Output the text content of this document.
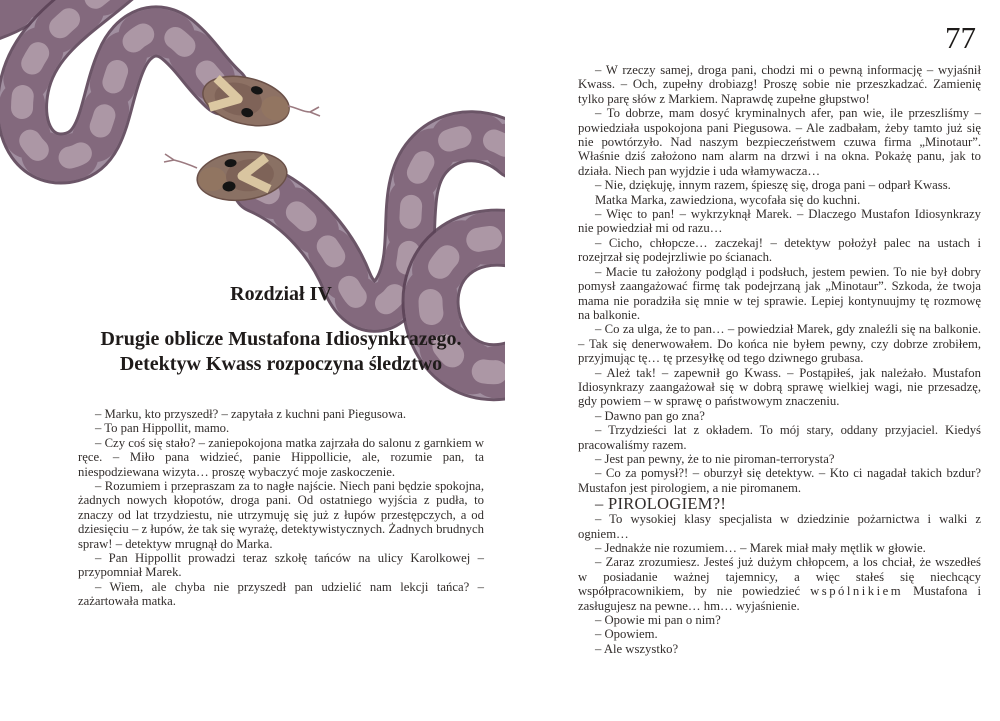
77
Rozdział IV
Drugie oblicze Mustafona Idiosynkrazego.
Detektyw Kwass rozpoczyna śledztwo

– Marku, kto przyszedł? – zapytała z kuchni pani Piegusowa.

– To pan Hippollit, mamo.

– Czy coś się stało? – zaniepokojona matka zajrzała do salonu z garnkiem w ręce. – Miło pana widzieć, panie Hippollicie, ale, rozumie pan, ta niespodziewana wizyta… proszę wybaczyć moje zaskoczenie.

– Rozumiem i przepraszam za to nagłe najście. Niech pani będzie spokojna, żadnych nowych kłopotów, droga pani. Od ostatniego wyjścia z pudła, to znaczy od lat trzydziestu, nie utrzymuję się już z łupów przestępczych, a od dziesięciu – z łupów, że tak się wyrażę, detektywistycznych. Żadnych brudnych spraw! – detektyw mrugnął do Marka.

– Pan Hippollit prowadzi teraz szkołę tańców na ulicy Karolkowej – przypomniał Marek.

– Wiem, ale chyba nie przyszedł pan udzielić nam lekcji tańca? – zażartowała matka.

– W rzeczy samej, droga pani, chodzi mi o pewną informację – wyjaśnił Kwass. – Och, zupełny drobiazg! Proszę sobie nie przeszkadzać. Zamienię tylko parę słów z Markiem. Naprawdę zupełne głupstwo!

– To dobrze, mam dosyć kryminalnych afer, pan wie, ile przeszliśmy – powiedziała uspokojona pani Piegusowa. – Ale zadbałam, żeby tamto już się nie powtórzyło. Nad naszym bezpieczeństwem czuwa firma „Minotaur”. Właśnie dziś założono nam alarm na drzwi i na okna. Pokażę panu, jak to działa. Niech pan wyjdzie i uda włamywacza…

– Nie, dziękuję, innym razem, śpieszę się, droga pani – odparł Kwass.

Matka Marka, zawiedziona, wycofała się do kuchni.

– Więc to pan! – wykrzyknął Marek. – Dlaczego Mustafon Idiosynkrazy nie powiedział mi od razu…

– Cicho, chłopcze… zaczekaj! – detektyw położył palec na ustach i rozejrzał się podejrzliwie po ścianach.

– Macie tu założony podgląd i podsłuch, jestem pewien. To nie był dobry pomysł zaangażować firmę tak podejrzaną jak „Minotaur”. Szkoda, że twoja mama nie poradziła się mnie w tej sprawie. Lepiej kontynuujmy tę rozmowę na balkonie.

– Co za ulga, że to pan… – powiedział Marek, gdy znaleźli się na balkonie. – Tak się denerwowałem. Do końca nie byłem pewny, czy dobrze zrobiłem, przyjmując tę… tę przesyłkę od tego dziwnego grubasa.

– Ależ tak! – zapewnił go Kwass. – Postąpiłeś, jak należało. Mustafon Idiosynkrazy zaangażował się w dobrą sprawę wielkiej wagi, nie przesadzę, gdy powiem – w sprawę o państwowym znaczeniu.

– Dawno pan go zna?

– Trzydzieści lat z okładem. To mój stary, oddany przyjaciel. Kiedyś pracowaliśmy razem.

– Jest pan pewny, że to nie piroman-terrorysta?

– Co za pomysł?! – oburzył się detektyw. – Kto ci nagadał takich bzdur? Mustafon jest pirologiem, a nie piromanem.

– PIROLOGIEM?!

– To wysokiej klasy specjalista w dziedzinie pożarnictwa i walki z ogniem…

– Jednakże nie rozumiem… – Marek miał mały mętlik w głowie.

– Zaraz zrozumiesz. Jesteś już dużym chłopcem, a los chciał, że wszedłeś w posiadanie ważnej tajemnicy, a więc stałeś się niechcący współpracownikiem, by nie powiedzieć wspólnikiem Mustafona i zasługujesz na pewne… hm… wyjaśnienie.

– Opowie mi pan o nim?

– Opowiem.

– Ale wszystko?
